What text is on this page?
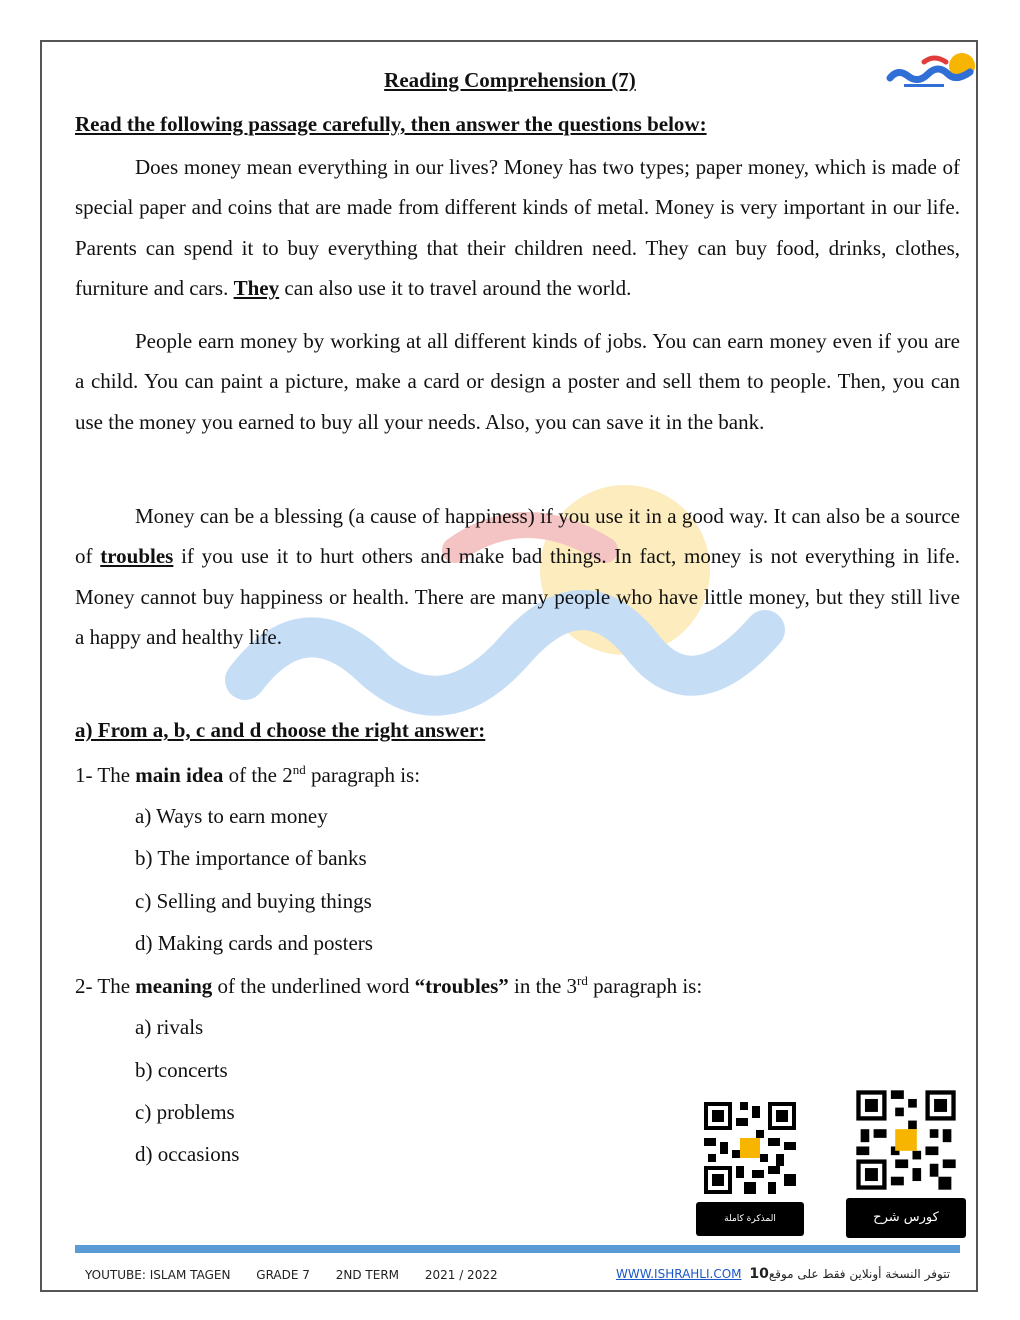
Reading Comprehension (7)
Read the following passage carefully, then answer the questions below:

Does money mean everything in our lives? Money has two types; paper money, which is made of special paper and coins that are made from different kinds of metal. Money is very important in our life. Parents can spend it to buy everything that their children need. They can buy food, drinks, clothes, furniture and cars. They can also use it to travel around the world.

People earn money by working at all different kinds of jobs. You can earn money even if you are a child. You can paint a picture, make a card or design a poster and sell them to people. Then, you can use the money you earned to buy all your needs. Also, you can save it in the bank.

Money can be a blessing (a cause of happiness) if you use it in a good way. It can also be a source of troubles if you use it to hurt others and make bad things. In fact, money is not everything in life. Money cannot buy happiness or health. There are many people who have little money, but they still live a happy and healthy life.

a) From a, b, c and d choose the right answer:
1- The main idea of the 2nd paragraph is:
a) Ways to earn money
b) The importance of banks
c) Selling and buying things
d) Making cards and posters
2- The meaning of the underlined word “troubles” in the 3rd paragraph is:
a) rivals
b) concerts
c) problems
d) occasions
المذكرة كاملة	كورس شرح
YOUTUBE: ISLAM TAGEN GRADE 7 2ND TERM 2021 / 2022	WWW.ISHRAHLI.COM تتوفر النسخة أونلاين فقط على موقع10
